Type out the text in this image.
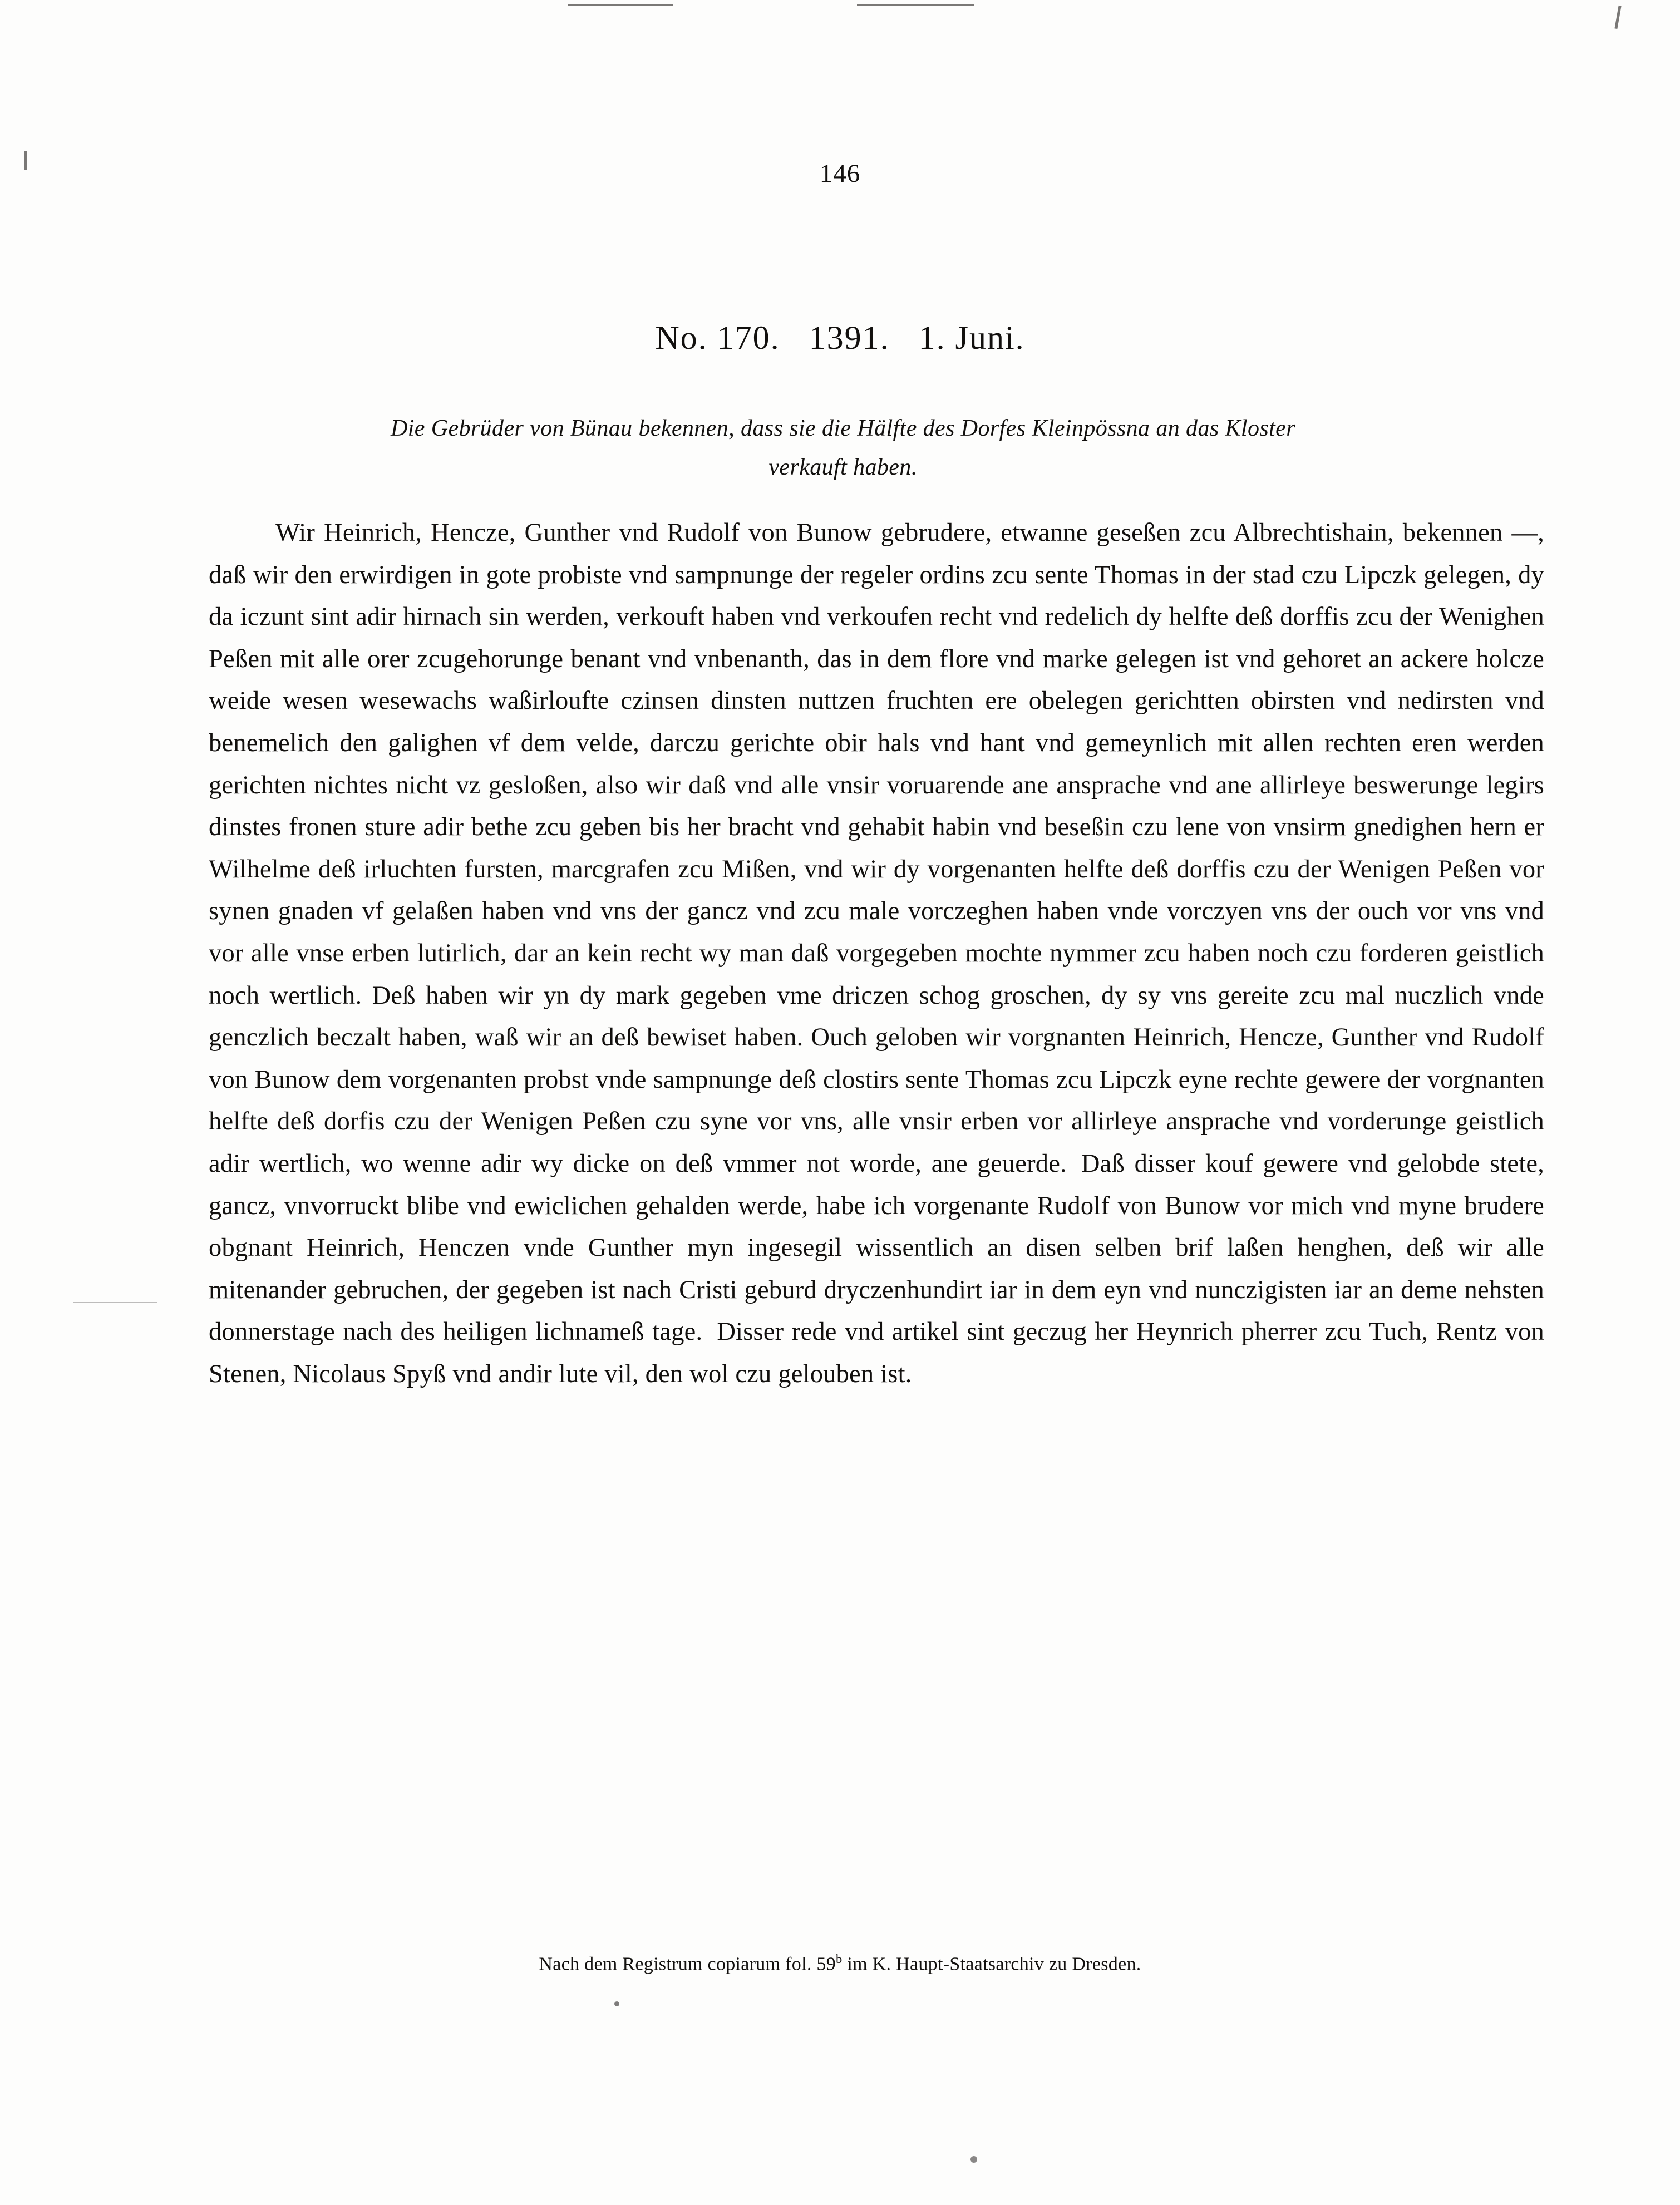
146
No. 170. 1391. 1. Juni.
Die Gebrüder von Bünau bekennen, dass sie die Hälfte des Dorfes Kleinpössna an das Kloster
verkauft haben.

Wir Heinrich, Hencze, Gunther vnd Rudolf von Bunow gebrudere, etwanne geseßen zcu Albrechtishain, bekennen —, daß wir den erwirdigen in gote probiste vnd sampnunge der regeler ordins zcu sente Thomas in der stad czu Lipczk gelegen, dy da iczunt sint adir hirnach sin werden, verkouft haben vnd verkoufen recht vnd redelich dy helfte deß dorffis zcu der Wenighen Peßen mit alle orer zcugehorunge benant vnd vnbenanth, das in dem flore vnd marke gelegen ist vnd gehoret an ackere holcze weide wesen wesewachs waßirloufte czinsen dinsten nuttzen fruchten ere obelegen gerichtten obirsten vnd nedirsten vnd benemelich den galighen vf dem velde, darczu gerichte obir hals vnd hant vnd gemeynlich mit allen rechten eren werden gerichten nichtes nicht vz gesloßen, also wir daß vnd alle vnsir voruarende ane ansprache vnd ane allirleye beswerunge legirs dinstes fronen sture adir bethe zcu geben bis her bracht vnd gehabit habin vnd beseßin czu lene von vnsirm gnedighen hern er Wilhelme deß irluchten fursten, marcgrafen zcu Mißen, vnd wir dy vorgenanten helfte deß dorffis czu der Wenigen Peßen vor synen gnaden vf gelaßen haben vnd vns der gancz vnd zcu male vorczeghen haben vnde vorczyen vns der ouch vor vns vnd vor alle vnse erben lutirlich, dar an kein recht wy man daß vorgegeben mochte nymmer zcu haben noch czu forderen geistlich noch wertlich. Deß haben wir yn dy mark gegeben vme driczen schog groschen, dy sy vns gereite zcu mal nuczlich vnde genczlich beczalt haben, waß wir an deß bewiset haben. Ouch geloben wir vorgnanten Heinrich, Hencze, Gunther vnd Rudolf von Bunow dem vorgenanten probst vnde sampnunge deß clostirs sente Thomas zcu Lipczk eyne rechte gewere der vorgnanten helfte deß dorfis czu der Wenigen Peßen czu syne vor vns, alle vnsir erben vor allirleye ansprache vnd vorderunge geistlich adir wertlich, wo wenne adir wy dicke on deß vmmer not worde, ane geuerde. Daß disser kouf gewere vnd gelobde stete, gancz, vnvorruckt blibe vnd ewiclichen gehalden werde, habe ich vorgenante Rudolf von Bunow vor mich vnd myne brudere obgnant Heinrich, Henczen vnde Gunther myn ingesegil wissentlich an disen selben brif laßen henghen, deß wir alle mitenander gebruchen, der gegeben ist nach Cristi geburd dryczenhundirt iar in dem eyn vnd nunczigisten iar an deme nehsten donnerstage nach des heiligen lichnameß tage. Disser rede vnd artikel sint geczug her Heynrich pherrer zcu Tuch, Rentz von Stenen, Nicolaus Spyß vnd andir lute vil, den wol czu gelouben ist.

Nach dem Registrum copiarum fol. 59$^b$ im K. Haupt-Staatsarchiv zu Dresden.
